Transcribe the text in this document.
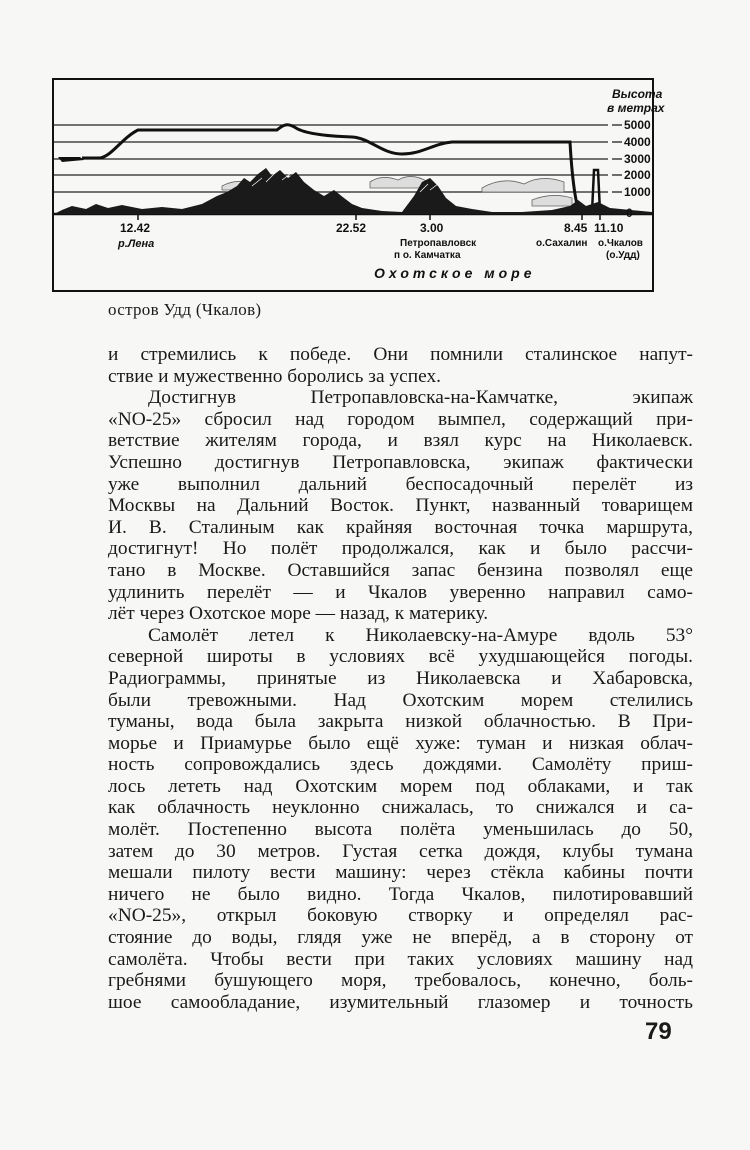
Высота
в метрах
5000
4000
3000
2000
1000
0
12.42	22.52	3.00	8.45 11.10
р.Лена	Петропавловск
п о. Камчатка
о.Сахалин о.Чкалов
(о.Удд)
Охотское море
остров Удд (Чкалов)

и стремились к победе. Они помнили сталинское напут-

ствие и мужественно боролись за успех.

Достигнув Петропавловска-на-Камчатке, экипаж

«NO-25» сбросил над городом вымпел, содержащий при-

ветствие жителям города, и взял курс на Николаевск.

Успешно достигнув Петропавловска, экипаж фактически

уже выполнил дальний беспосадочный перелёт из

Москвы на Дальний Восток. Пункт, названный товарищем

И. В. Сталиным как крайняя восточная точка маршрута,

достигнут! Но полёт продолжался, как и было рассчи-

тано в Москве. Оставшийся запас бензина позволял еще

удлинить перелёт — и Чкалов уверенно направил само-

лёт через Охотское море — назад, к материку.

Самолёт летел к Николаевску-на-Амуре вдоль 53°

северной широты в условиях всё ухудшающейся погоды.

Радиограммы, принятые из Николаевска и Хабаровска,

были тревожными. Над Охотским морем стелились

туманы, вода была закрыта низкой облачностью. В При-

морье и Приамурье было ещё хуже: туман и низкая облач-

ность сопровождались здесь дождями. Самолёту приш-

лось лететь над Охотским морем под облаками, и так

как облачность неуклонно снижалась, то снижался и са-

молёт. Постепенно высота полёта уменьшилась до 50,

затем до 30 метров. Густая сетка дождя, клубы тумана

мешали пилоту вести машину: через стёкла кабины почти

ничего не было видно. Тогда Чкалов, пилотировавший

«NO-25», открыл боковую створку и определял рас-

стояние до воды, глядя уже не вперёд, а в сторону от

самолёта. Чтобы вести при таких условиях машину над

гребнями бушующего моря, требовалось, конечно, боль-

шое самообладание, изумительный глазомер и точность

79
